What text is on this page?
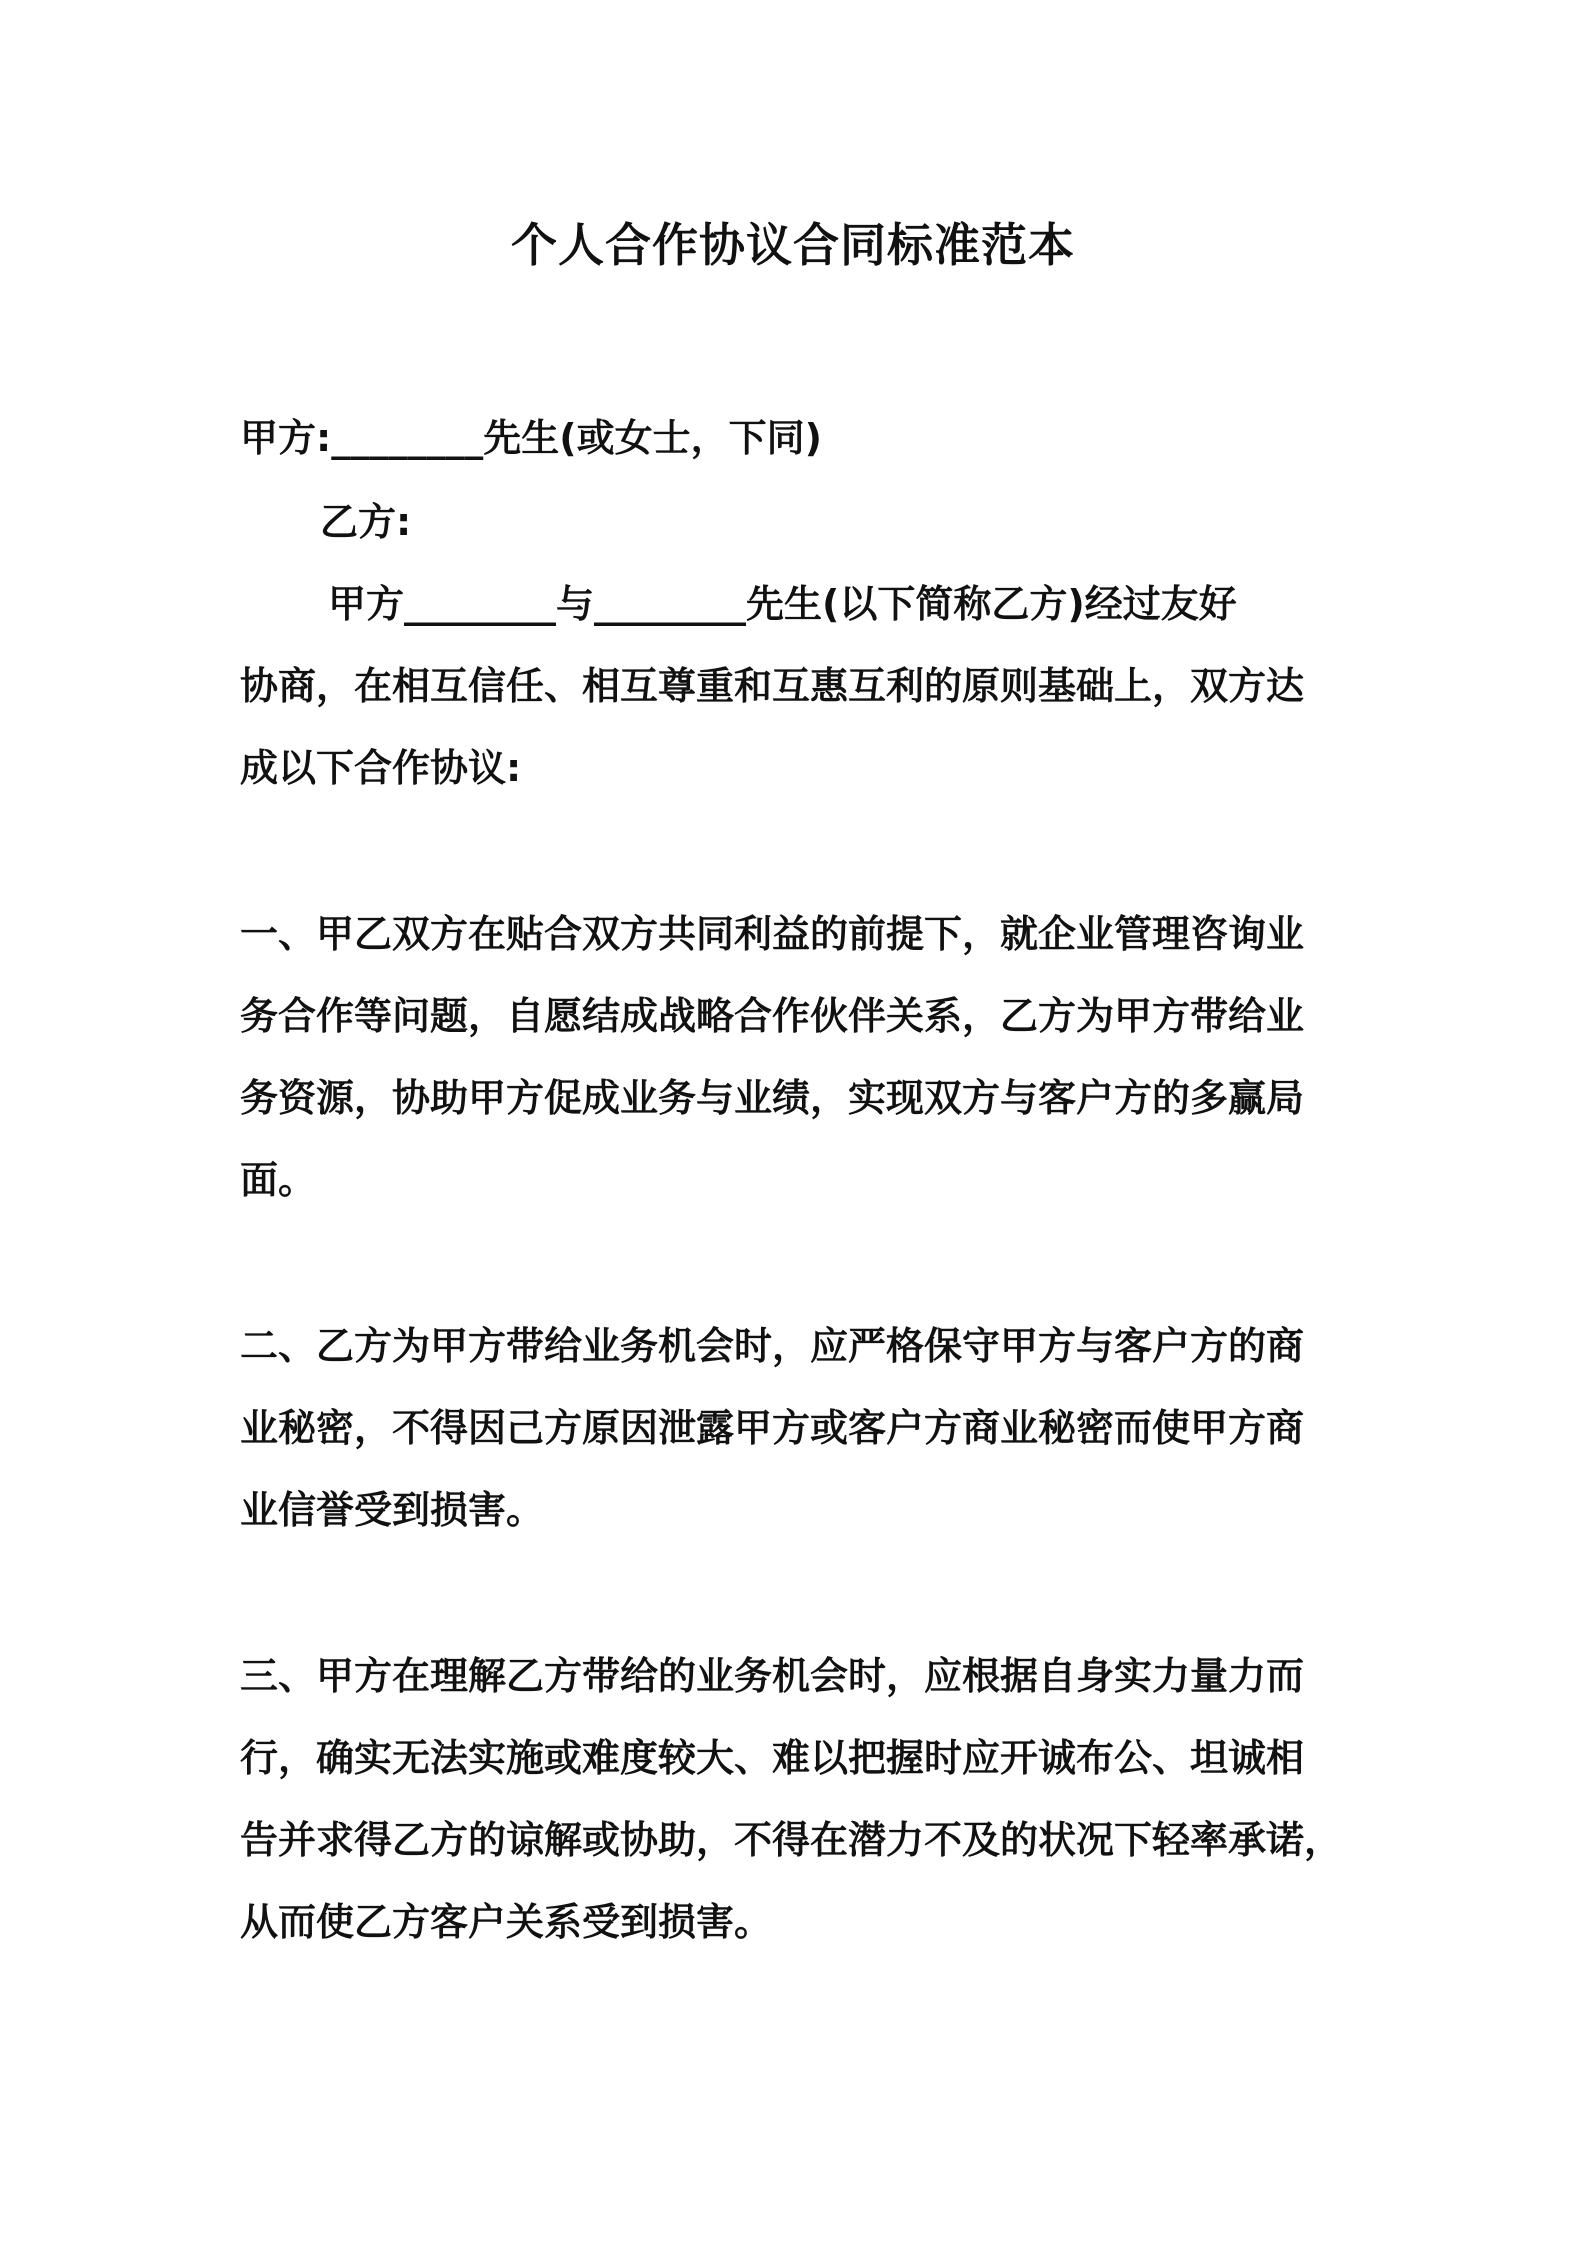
个人合作协议合同标准范本
甲方:________先生(或女士，下同)
乙方:
甲方________与________先生(以下简称乙方)经过友好
协商，在相互信任、相互尊重和互惠互利的原则基础上，双方达
成以下合作协议:
一、甲乙双方在贴合双方共同利益的前提下，就企业管理咨询业
务合作等问题，自愿结成战略合作伙伴关系，乙方为甲方带给业
务资源，协助甲方促成业务与业绩，实现双方与客户方的多赢局
面。
二、乙方为甲方带给业务机会时，应严格保守甲方与客户方的商
业秘密，不得因己方原因泄露甲方或客户方商业秘密而使甲方商
业信誉受到损害。
三、甲方在理解乙方带给的业务机会时，应根据自身实力量力而
行，确实无法实施或难度较大、难以把握时应开诚布公、坦诚相
告并求得乙方的谅解或协助，不得在潜力不及的状况下轻率承诺，
从而使乙方客户关系受到损害。
